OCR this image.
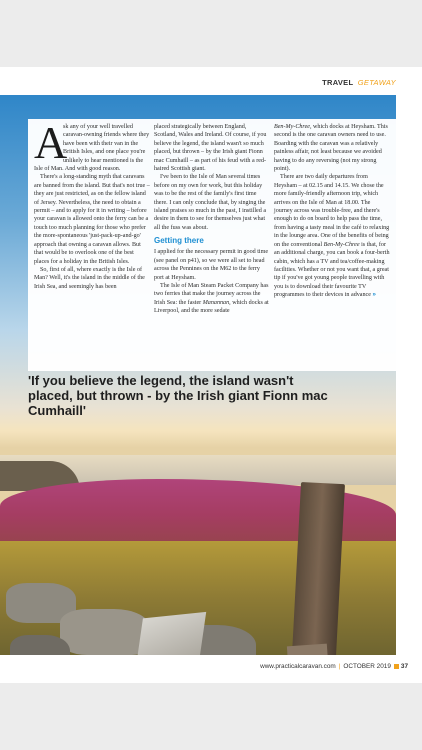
TRAVEL GETAWAY

A
sk any of your well travelled caravan-owning friends where they have been with their van in the British Isles, and one place you're unlikely to hear mentioned is the Isle of Man. And with good reason.

There's a long-standing myth that caravans are banned from the island. But that's not true – they are just restricted, as on the fellow island of Jersey. Nevertheless, the need to obtain a permit – and to apply for it in writing – before your caravan is allowed onto the ferry can be a touch too much planning for those who prefer the more-spontaneous 'just-pack-up-and-go' approach that owning a caravan allows. But that would be to overlook one of the best places for a holiday in the British Isles.

So, first of all, where exactly is the Isle of Man? Well, it's the island in the middle of the Irish Sea, and seemingly has been

placed strategically between England, Scotland, Wales and Ireland. Of course, if you believe the legend, the island wasn't so much placed, but thrown – by the Irish giant Fionn mac Cumhaill – as part of his feud with a red-haired Scottish giant.

I've been to the Isle of Man several times before on my own for work, but this holiday was to be the rest of the family's first time there. I can only conclude that, by singing the island praises so much in the past, I instilled a desire in them to see for themselves just what all the fuss was about.

Getting there

I applied for the necessary permit in good time (see panel on p41), so we were all set to head across the Pennines on the M62 to the ferry port at Heysham.

The Isle of Man Steam Packet Company has two ferries that make the journey across the Irish Sea: the faster Manannan, which docks at Liverpool, and the more sedate

Ben-My-Chree, which docks at Heysham. This second is the one caravan owners need to use. Boarding with the caravan was a relatively painless affair, not least because we avoided having to do any reversing (not my strong point).

There are two daily departures from Heysham – at 02.15 and 14.15. We chose the more family-friendly afternoon trip, which arrives on the Isle of Man at 18.00. The journey across was trouble-free, and there's enough to do on board to help pass the time, from having a tasty meal in the café to relaxing in the lounge area. One of the benefits of being on the conventional Ben-My-Chree is that, for an additional charge, you can book a four-berth cabin, which has a TV and tea/coffee-making facilities. Whether or not you want that, a great tip if you've got young people travelling with you is to download their favourite TV programmes to their devices in advance »

'If you believe the legend, the island wasn't placed, but thrown - by the Irish giant Fionn mac Cumhaill'
www.practicalcaravan.com | OCTOBER 2019 37
